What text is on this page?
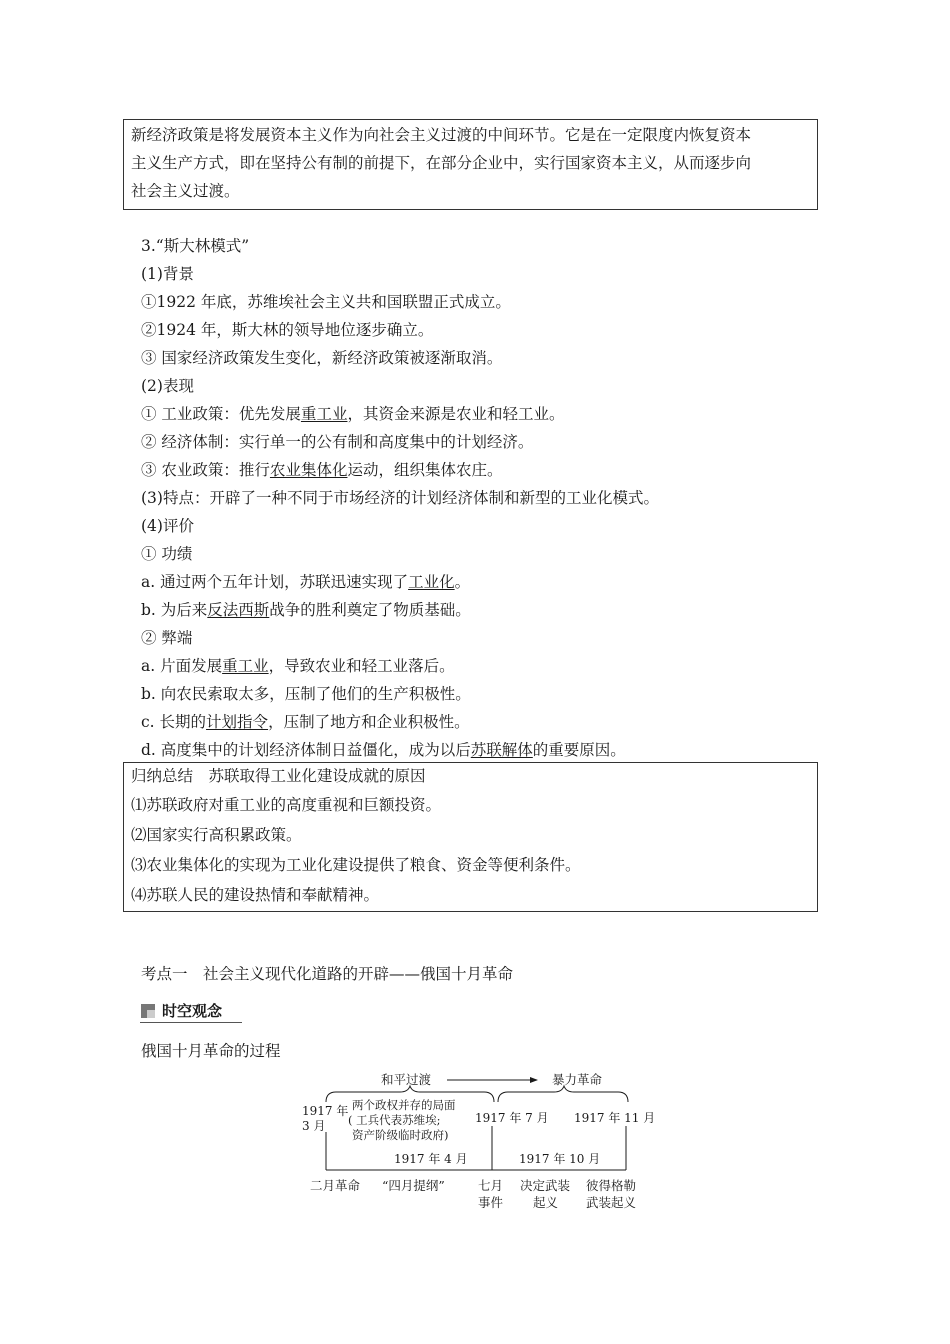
新经济政策是将发展资本主义作为向社会主义过渡的中间环节。它是在一定限度内恢复资本

主义生产方式，即在坚持公有制的前提下，在部分企业中，实行国家资本主义，从而逐步向

社会主义过渡。

3.“斯大林模式”
(1)背景
①1922 年底，苏维埃社会主义共和国联盟正式成立。
②1924 年，斯大林的领导地位逐步确立。
③ 国家经济政策发生变化，新经济政策被逐渐取消。
(2)表现
① 工业政策：优先发展重工业，其资金来源是农业和轻工业。
② 经济体制：实行单一的公有制和高度集中的计划经济。
③ 农业政策：推行农业集体化运动，组织集体农庄。
(3)特点：开辟了一种不同于市场经济的计划经济体制和新型的工业化模式。
(4)评价
① 功绩
a. 通过两个五年计划，苏联迅速实现了工业化。
b. 为后来反法西斯战争的胜利奠定了物质基础。
② 弊端
a. 片面发展重工业，导致农业和轻工业落后。
b. 向农民索取太多，压制了他们的生产积极性。
c. 长期的计划指令，压制了地方和企业积极性。
d. 高度集中的计划经济体制日益僵化，成为以后苏联解体的重要原因。

归纳总结　苏联取得工业化建设成就的原因

⑴苏联政府对重工业的高度重视和巨额投资。

⑵国家实行高积累政策。

⑶农业集体化的实现为工业化建设提供了粮食、资金等便利条件。

⑷苏联人民的建设热情和奉献精神。

考点一　社会主义现代化道路的开辟——俄国十月革命
时空观念
俄国十月革命的过程
和平过渡	暴力革命
1917 年
3 月
两个政权并存的局面
( 工兵代表苏维埃;
资产阶级临时政府)
1917 年 7 月 1917 年 11 月
1917 年 4 月	1917 年 10 月
二月革命 “四月提纲”	七月
事件
决定武装
起义
彼得格勒
武装起义
